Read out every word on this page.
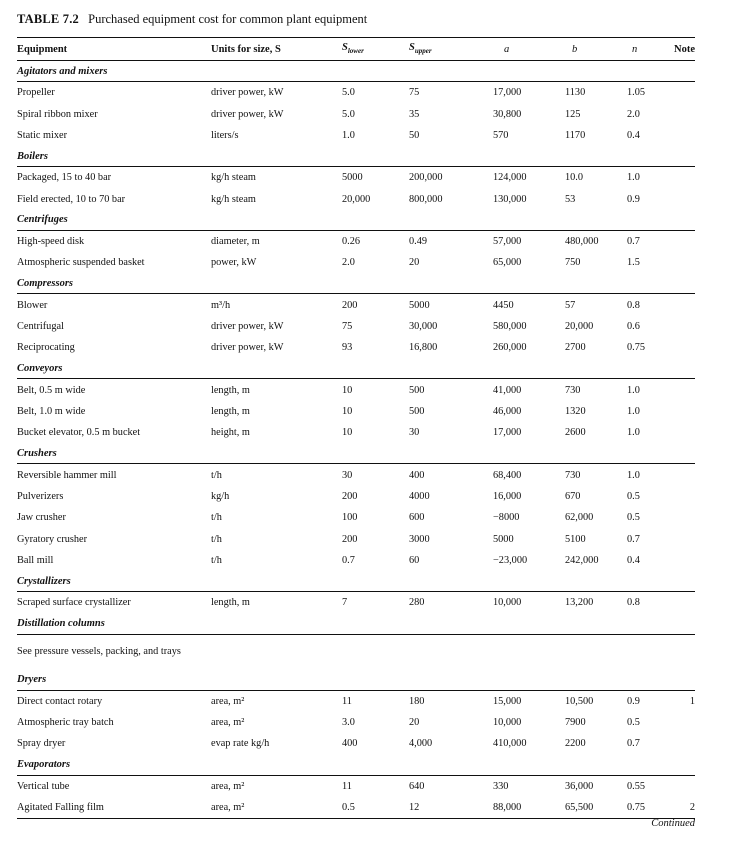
TABLE 7.2 Purchased equipment cost for common plant equipment
Equipment	Units for size, S	$S_{lower}$	$S_{upper}$	a	b	n	Note
Agitators and mixers							
Propeller	driver power, kW	5.0	75	17,000	1130	1.05	
Spiral ribbon mixer	driver power, kW	5.0	35	30,800	125	2.0	
Static mixer	liters/s	1.0	50	570	1170	0.4	
Boilers							
Packaged, 15 to 40 bar	kg/h steam	5000	200,000	124,000	10.0	1.0	
Field erected, 10 to 70 bar	kg/h steam	20,000	800,000	130,000	53	0.9	
Centrifuges							
High-speed disk	diameter, m	0.26	0.49	57,000	480,000	0.7	
Atmospheric suspended basket	power, kW	2.0	20	65,000	750	1.5	
Compressors							
Blower	m³/h	200	5000	4450	57	0.8	
Centrifugal	driver power, kW	75	30,000	580,000	20,000	0.6	
Reciprocating	driver power, kW	93	16,800	260,000	2700	0.75	
Conveyors							
Belt, 0.5 m wide	length, m	10	500	41,000	730	1.0	
Belt, 1.0 m wide	length, m	10	500	46,000	1320	1.0	
Bucket elevator, 0.5 m bucket	height, m	10	30	17,000	2600	1.0	
Crushers							
Reversible hammer mill	t/h	30	400	68,400	730	1.0	
Pulverizers	kg/h	200	4000	16,000	670	0.5	
Jaw crusher	t/h	100	600	−8000	62,000	0.5	
Gyratory crusher	t/h	200	3000	5000	5100	0.7	
Ball mill	t/h	0.7	60	−23,000	242,000	0.4	
Crystallizers							
Scraped surface crystallizer	length, m	7	280	10,000	13,200	0.8	
Distillation columns							
See pressure vessels, packing, and trays							
Dryers							
Direct contact rotary	area, m²	11	180	15,000	10,500	0.9	1
Atmospheric tray batch	area, m²	3.0	20	10,000	7900	0.5	
Spray dryer	evap rate kg/h	400	4,000	410,000	2200	0.7	
Evaporators							
Vertical tube	area, m²	11	640	330	36,000	0.55	
Agitated Falling film	area, m²	0.5	12	88,000	65,500	0.75	2
Continued
